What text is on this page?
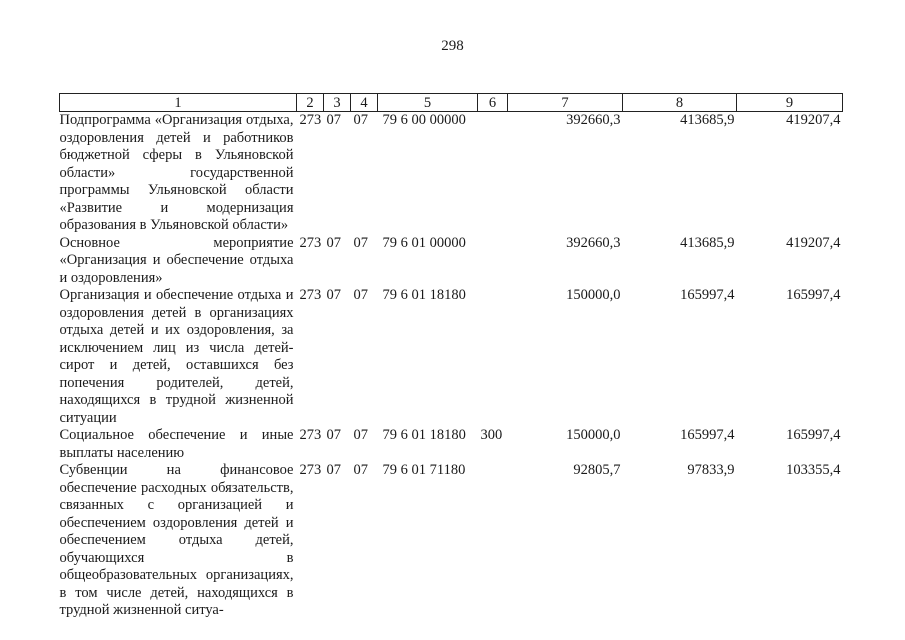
298
1	2	3	4	5	6	7	8	9
Подпрограмма «Организация отдыха, оздоровления детей и работников бюджетной сферы в Ульяновской области» государственной программы Ульяновской области «Развитие и модернизация образования в Ульяновской области»	273	07	07	79 6 00 00000		392660,3	413685,9	419207,4
Основное мероприятие «Организация и обеспечение отдыха и оздоровления»	273	07	07	79 6 01 00000		392660,3	413685,9	419207,4
Организация и обеспечение отдыха и оздоровления детей в организациях отдыха детей и их оздоровления, за исключением лиц из числа детей-сирот и детей, оставшихся без попечения родителей, детей, находящихся в трудной жизненной ситуации	273	07	07	79 6 01 18180		150000,0	165997,4	165997,4
Социальное обеспечение и иные выплаты населению	273	07	07	79 6 01 18180	300	150000,0	165997,4	165997,4
Субвенции на финансовое обеспечение расходных обязательств, связанных с организацией и обеспечением оздоровления детей и обеспечением отдыха детей, обучающихся в общеобразовательных организациях, в том числе детей, находящихся в трудной жизненной ситуа-	273	07	07	79 6 01 71180		92805,7	97833,9	103355,4
